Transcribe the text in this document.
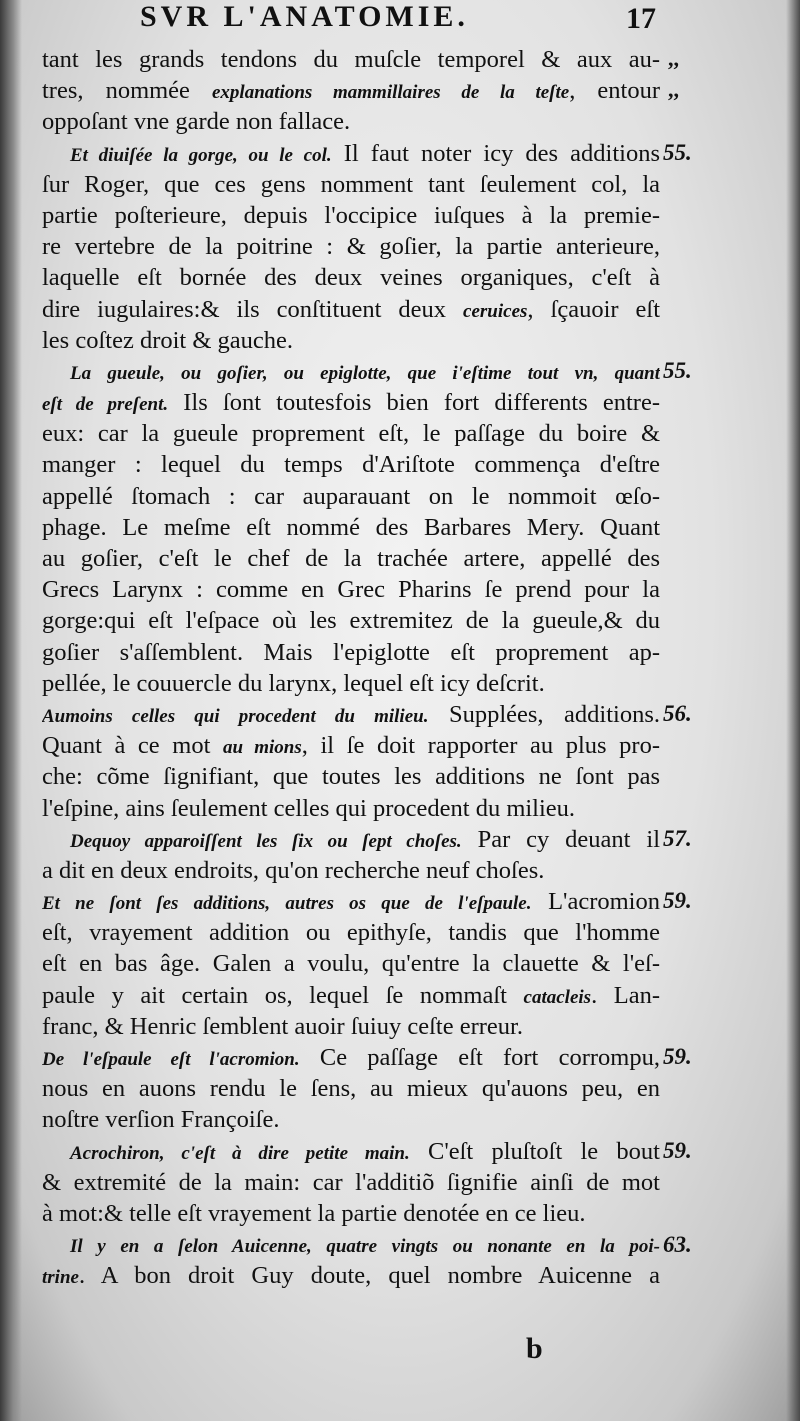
SVR L'ANATOMIE.	17
tant les grands tendons du muſcle temporel & aux au-
tres, nommée explanations mammillaires de la teſte, entour
oppoſant vne garde non fallace.
Et diuiſée la gorge, ou le col. Il faut noter icy des additions
ſur Roger, que ces gens nomment tant ſeulement col, la
partie poſterieure, depuis l'occipice iuſques à la premie-
re vertebre de la poitrine : & goſier, la partie anterieure,
laquelle eſt bornée des deux veines organiques, c'eſt à
dire iugulaires:& ils conſtituent deux ceruices, ſçauoir eſt
les coſtez droit & gauche.
La gueule, ou goſier, ou epiglotte, que i'eſtime tout vn, quant
eſt de preſent. Ils ſont toutesfois bien fort differents entre-
eux: car la gueule proprement eſt, le paſſage du boire &
manger : lequel du temps d'Ariſtote commença d'eſtre
appellé ſtomach : car auparauant on le nommoit œſo-
phage. Le meſme eſt nommé des Barbares Mery. Quant
au goſier, c'eſt le chef de la trachée artere, appellé des
Grecs Larynx : comme en Grec Pharins ſe prend pour la
gorge:qui eſt l'eſpace où les extremitez de la gueule,& du
goſier s'aſſemblent. Mais l'epiglotte eſt proprement ap-
pellée, le couuercle du larynx, lequel eſt icy deſcrit.
Aumoins celles qui procedent du milieu. Supplées, additions.
Quant à ce mot au mions, il ſe doit rapporter au plus pro-
che: cõme ſignifiant, que toutes les additions ne ſont pas
l'eſpine, ains ſeulement celles qui procedent du milieu.
Dequoy apparoiſſent les ſix ou ſept choſes. Par cy deuant il
a dit en deux endroits, qu'on recherche neuf choſes.
Et ne ſont ſes additions, autres os que de l'eſpaule. L'acromion
eſt, vrayement addition ou epithyſe, tandis que l'homme
eſt en bas âge. Galen a voulu, qu'entre la clauette & l'eſ-
paule y ait certain os, lequel ſe nommaſt catacleis. Lan-
franc, & Henric ſemblent auoir ſuiuy ceſte erreur.
De l'eſpaule eſt l'acromion. Ce paſſage eſt fort corrompu,
nous en auons rendu le ſens, au mieux qu'auons peu, en
noſtre verſion Françoiſe.
Acrochiron, c'eſt à dire petite main. C'eſt pluſtoſt le bout
& extremité de la main: car l'additiõ ſignifie ainſi de mot
à mot:& telle eſt vrayement la partie denotée en ce lieu.
Il y en a ſelon Auicenne, quatre vingts ou nonante en la poi-
trine. A bon droit Guy doute, quel nombre Auicenne a
,,
,,
55.
55.
56.
57.
59.
59.
59.
63.
b
